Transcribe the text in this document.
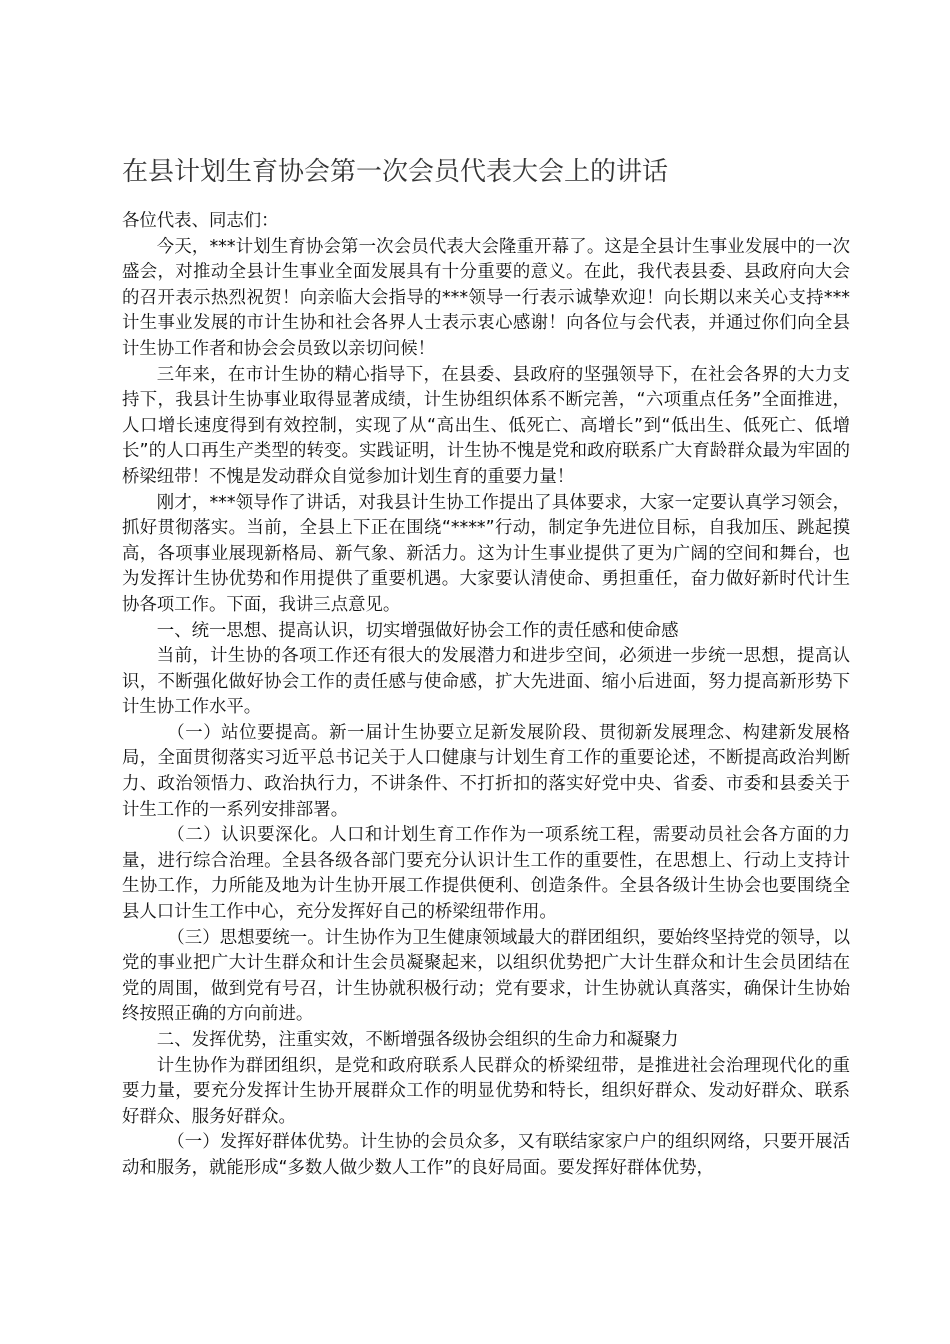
在县计划生育协会第一次会员代表大会上的讲话

各位代表、同志们：

今天，***计划生育协会第一次会员代表大会隆重开幕了。这是全县计生事业发展中的一次盛会，对推动全县计生事业全面发展具有十分重要的意义。在此，我代表县委、县政府向大会的召开表示热烈祝贺！向亲临大会指导的***领导一行表示诚挚欢迎！向长期以来关心支持***计生事业发展的市计生协和社会各界人士表示衷心感谢！向各位与会代表，并通过你们向全县计生协工作者和协会会员致以亲切问候！

三年来，在市计生协的精心指导下，在县委、县政府的坚强领导下，在社会各界的大力支持下，我县计生协事业取得显著成绩，计生协组织体系不断完善，“六项重点任务”全面推进，人口增长速度得到有效控制，实现了从“高出生、低死亡、高增长”到“低出生、低死亡、低增长”的人口再生产类型的转变。实践证明，计生协不愧是党和政府联系广大育龄群众最为牢固的桥梁纽带！不愧是发动群众自觉参加计划生育的重要力量！

刚才，***领导作了讲话，对我县计生协工作提出了具体要求，大家一定要认真学习领会，抓好贯彻落实。当前，全县上下正在围绕“****”行动，制定争先进位目标，自我加压、跳起摸高，各项事业展现新格局、新气象、新活力。这为计生事业提供了更为广阔的空间和舞台，也为发挥计生协优势和作用提供了重要机遇。大家要认清使命、勇担重任，奋力做好新时代计生协各项工作。下面，我讲三点意见。

一、统一思想、提高认识，切实增强做好协会工作的责任感和使命感

当前，计生协的各项工作还有很大的发展潜力和进步空间，必须进一步统一思想，提高认识，不断强化做好协会工作的责任感与使命感，扩大先进面、缩小后进面，努力提高新形势下计生协工作水平。

（一）站位要提高。新一届计生协要立足新发展阶段、贯彻新发展理念、构建新发展格局，全面贯彻落实习近平总书记关于人口健康与计划生育工作的重要论述，不断提高政治判断力、政治领悟力、政治执行力，不讲条件、不打折扣的落实好党中央、省委、市委和县委关于计生工作的一系列安排部署。

（二）认识要深化。人口和计划生育工作作为一项系统工程，需要动员社会各方面的力量，进行综合治理。全县各级各部门要充分认识计生工作的重要性，在思想上、行动上支持计生协工作，力所能及地为计生协开展工作提供便利、创造条件。全县各级计生协会也要围绕全县人口计生工作中心，充分发挥好自己的桥梁纽带作用。

（三）思想要统一。计生协作为卫生健康领域最大的群团组织，要始终坚持党的领导，以党的事业把广大计生群众和计生会员凝聚起来，以组织优势把广大计生群众和计生会员团结在党的周围，做到党有号召，计生协就积极行动；党有要求，计生协就认真落实，确保计生协始终按照正确的方向前进。

二、发挥优势，注重实效，不断增强各级协会组织的生命力和凝聚力

计生协作为群团组织，是党和政府联系人民群众的桥梁纽带，是推进社会治理现代化的重要力量，要充分发挥计生协开展群众工作的明显优势和特长，组织好群众、发动好群众、联系好群众、服务好群众。

（一）发挥好群体优势。计生协的会员众多，又有联结家家户户的组织网络，只要开展活动和服务，就能形成“多数人做少数人工作”的良好局面。要发挥好群体优势，
